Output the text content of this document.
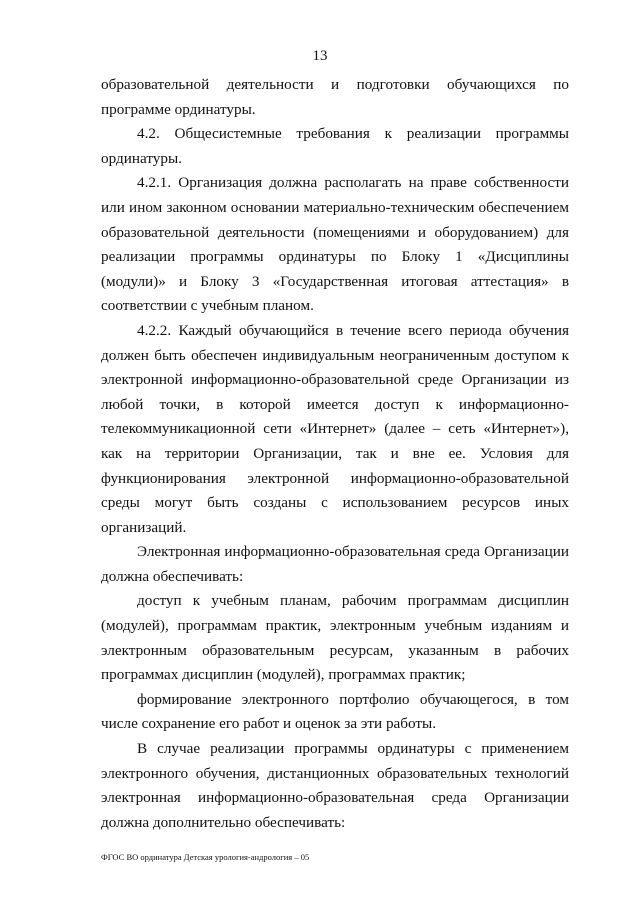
13

образовательной деятельности и подготовки обучающихся по программе ординатуры.

4.2. Общесистемные требования к реализации программы ординатуры.

4.2.1. Организация должна располагать на праве собственности или ином законном основании материально-техническим обеспечением образовательной деятельности (помещениями и оборудованием) для реализации программы ординатуры по Блоку 1 «Дисциплины (модули)» и Блоку 3 «Государственная итоговая аттестация» в соответствии с учебным планом.

4.2.2. Каждый обучающийся в течение всего периода обучения должен быть обеспечен индивидуальным неограниченным доступом к электронной информационно-образовательной среде Организации из любой точки, в которой имеется доступ к информационно-телекоммуникационной сети «Интернет» (далее – сеть «Интернет»), как на территории Организации, так и вне ее. Условия для функционирования электронной информационно-образовательной среды могут быть созданы с использованием ресурсов иных организаций.

Электронная информационно-образовательная среда Организации должна обеспечивать:

доступ к учебным планам, рабочим программам дисциплин (модулей), программам практик, электронным учебным изданиям и электронным образовательным ресурсам, указанным в рабочих программах дисциплин (модулей), программах практик;

формирование электронного портфолио обучающегося, в том числе сохранение его работ и оценок за эти работы.

В случае реализации программы ординатуры с применением электронного обучения, дистанционных образовательных технологий электронная информационно-образовательная среда Организации должна дополнительно обеспечивать:

ФГОС ВО ординатура Детская урология-андрология – 05
